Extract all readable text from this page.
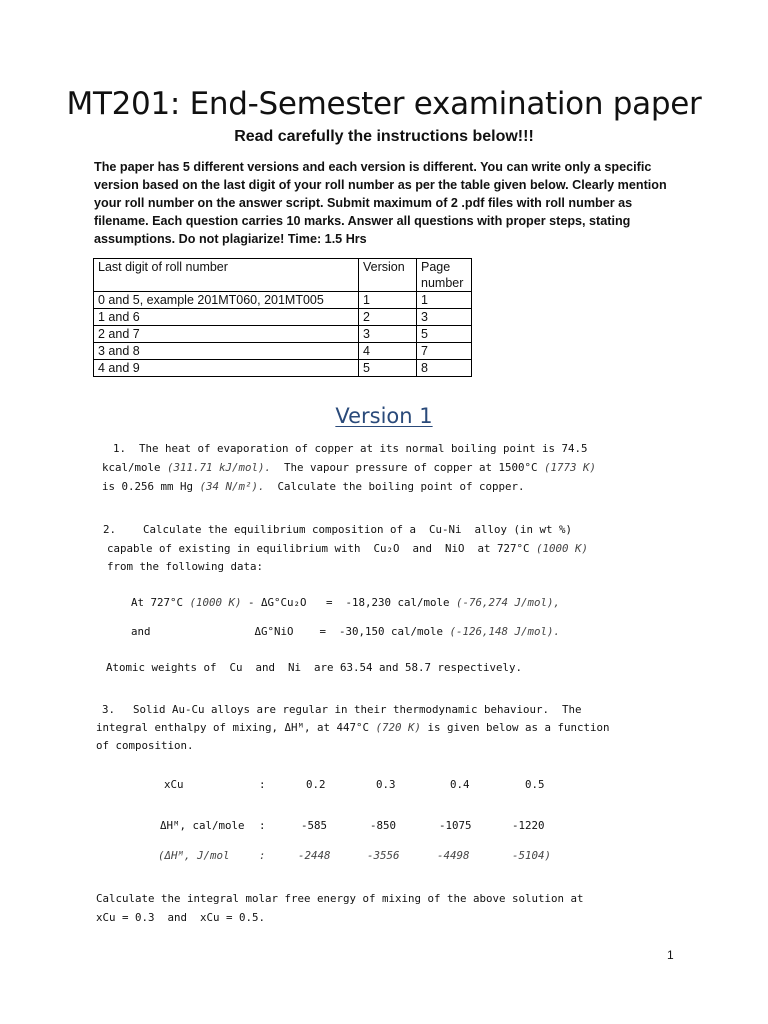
MT201: End-Semester examination paper
Read carefully the instructions below!!!
The paper has 5 different versions and each version is different. You can write only a specific version based on the last digit of your roll number as per the table given below. Clearly mention your roll number on the answer script. Submit maximum of 2 .pdf files with roll number as filename. Each question carries 10 marks. Answer all questions with proper steps, stating assumptions. Do not plagiarize! Time: 1.5 Hrs
Last digit of roll number	Version	Page number
0 and 5, example 201MT060, 201MT005	1	1
1 and 6	2	3
2 and 7	3	5
3 and 8	4	7
4 and 9	5	8
Version 1
1. The heat of evaporation of copper at its normal boiling point is 74.5
kcal/mole (311.71 kJ/mol).  The vapour pressure of copper at 1500°C (1773 K)
is 0.256 mm Hg (34 N/m²).  Calculate the boiling point of copper.
2. Calculate the equilibrium composition of a  Cu-Ni  alloy (in wt %)
capable of existing in equilibrium with  Cu₂O  and  NiO  at 727°C (1000 K)
from the following data:
At 727°C (1000 K) - ΔG°Cu₂O   =  -18,230 cal/mole (-76,274 J/mol),
and                ΔG°NiO    =  -30,150 cal/mole (-126,148 J/mol).
Atomic weights of  Cu  and  Ni  are 63.54 and 58.7 respectively.
3. Solid Au-Cu alloys are regular in their thermodynamic behaviour.  The
integral enthalpy of mixing, ΔHᴹ, at 447°C (720 K) is given below as a function
of composition.
xCu	:	0.2	0.3	0.4	0.5
ΔHᴹ, cal/mole :	-585	-850	-1075	-1220
(ΔHᴹ, J/mol	:	-2448	-3556	-4498	-5104)
Calculate the integral molar free energy of mixing of the above solution at
xCu = 0.3  and  xCu = 0.5.
1
